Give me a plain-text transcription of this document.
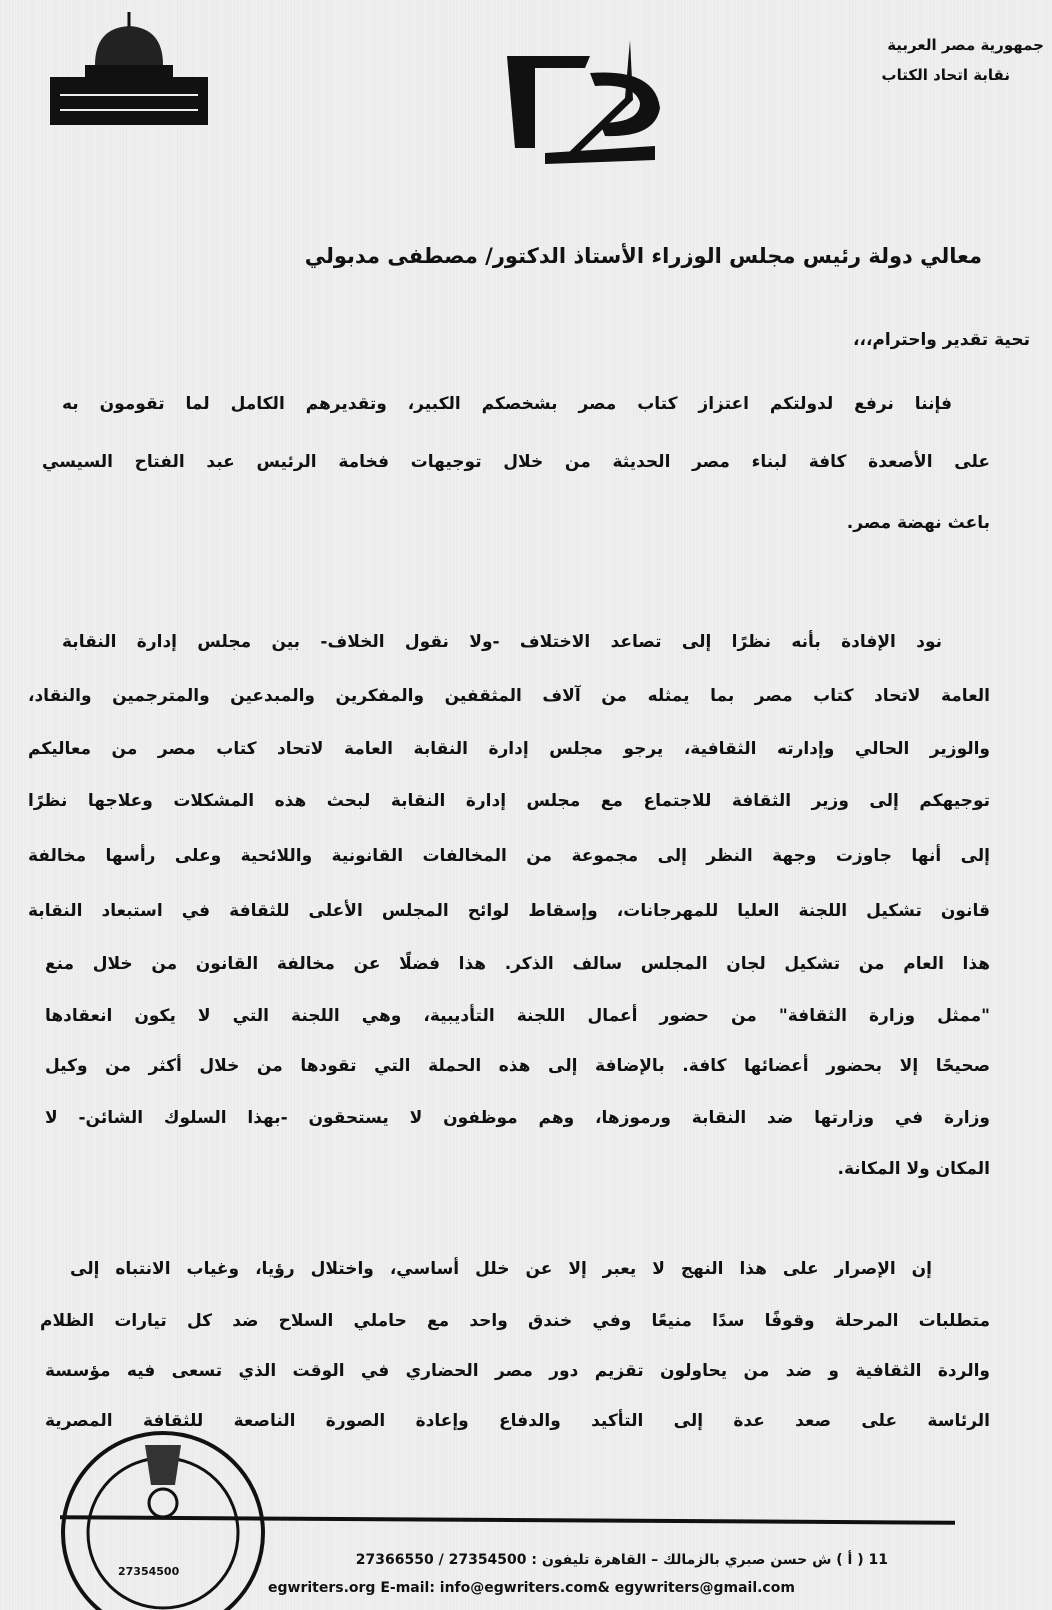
جمهورية مصر العربية
نقابة اتحاد الكتاب
معالي دولة رئيس مجلس الوزراء الأستاذ الدكتور/ مصطفى مدبولي
تحية تقدير واحترام،،،
فإننا نرفع لدولتكم اعتزاز كتاب مصر بشخصكم الكبير، وتقديرهم الكامل لما تقومون به
على الأصعدة كافة لبناء مصر الحديثة من خلال توجيهات فخامة الرئيس عبد الفتاح السيسي
باعث نهضة مصر.
نود الإفادة بأنه نظرًا إلى تصاعد الاختلاف -ولا نقول الخلاف- بين مجلس إدارة النقابة
العامة لاتحاد كتاب مصر بما يمثله من آلاف المثقفين والمفكرين والمبدعين والمترجمين والنقاد،
والوزير الحالي وإدارته الثقافية، يرجو مجلس إدارة النقابة العامة لاتحاد كتاب مصر من معاليكم
توجيهكم إلى وزير الثقافة للاجتماع مع مجلس إدارة النقابة لبحث هذه المشكلات وعلاجها نظرًا
إلى أنها جاوزت وجهة النظر إلى مجموعة من المخالفات القانونية واللائحية وعلى رأسها مخالفة
قانون تشكيل اللجنة العليا للمهرجانات، وإسقاط لوائح المجلس الأعلى للثقافة في استبعاد النقابة
هذا العام من تشكيل لجان المجلس سالف الذكر. هذا فضلًا عن مخالفة القانون من خلال منع
"ممثل وزارة الثقافة" من حضور أعمال اللجنة التأديبية، وهي اللجنة التي لا يكون انعقادها
صحيحًا إلا بحضور أعضائها كافة. بالإضافة إلى هذه الحملة التي تقودها من خلال أكثر من وكيل
وزارة في وزارتها ضد النقابة ورموزها، وهم موظفون لا يستحقون -بهذا السلوك الشائن- لا
المكان ولا المكانة.
إن الإصرار على هذا النهج لا يعبر إلا عن خلل أساسي، واختلال رؤيا، وغياب الانتباه إلى
متطلبات المرحلة وقوفًا سدًا منيعًا وفي خندق واحد مع حاملي السلاح ضد كل تيارات الظلام
والردة الثقافية و ضد من يحاولون تقزيم دور مصر الحضاري في الوقت الذي تسعى فيه مؤسسة
الرئاسة على صعد عدة إلى التأكيد والدفاع وإعادة الصورة الناصعة للثقافة المصرية
11 ( أ ) ش حسن صبري بالزمالك – القاهرة تليفون : 27354500 / 27366550
egwriters.org E-mail: info@egwriters.com& egywriters@gmail.com
27354500
